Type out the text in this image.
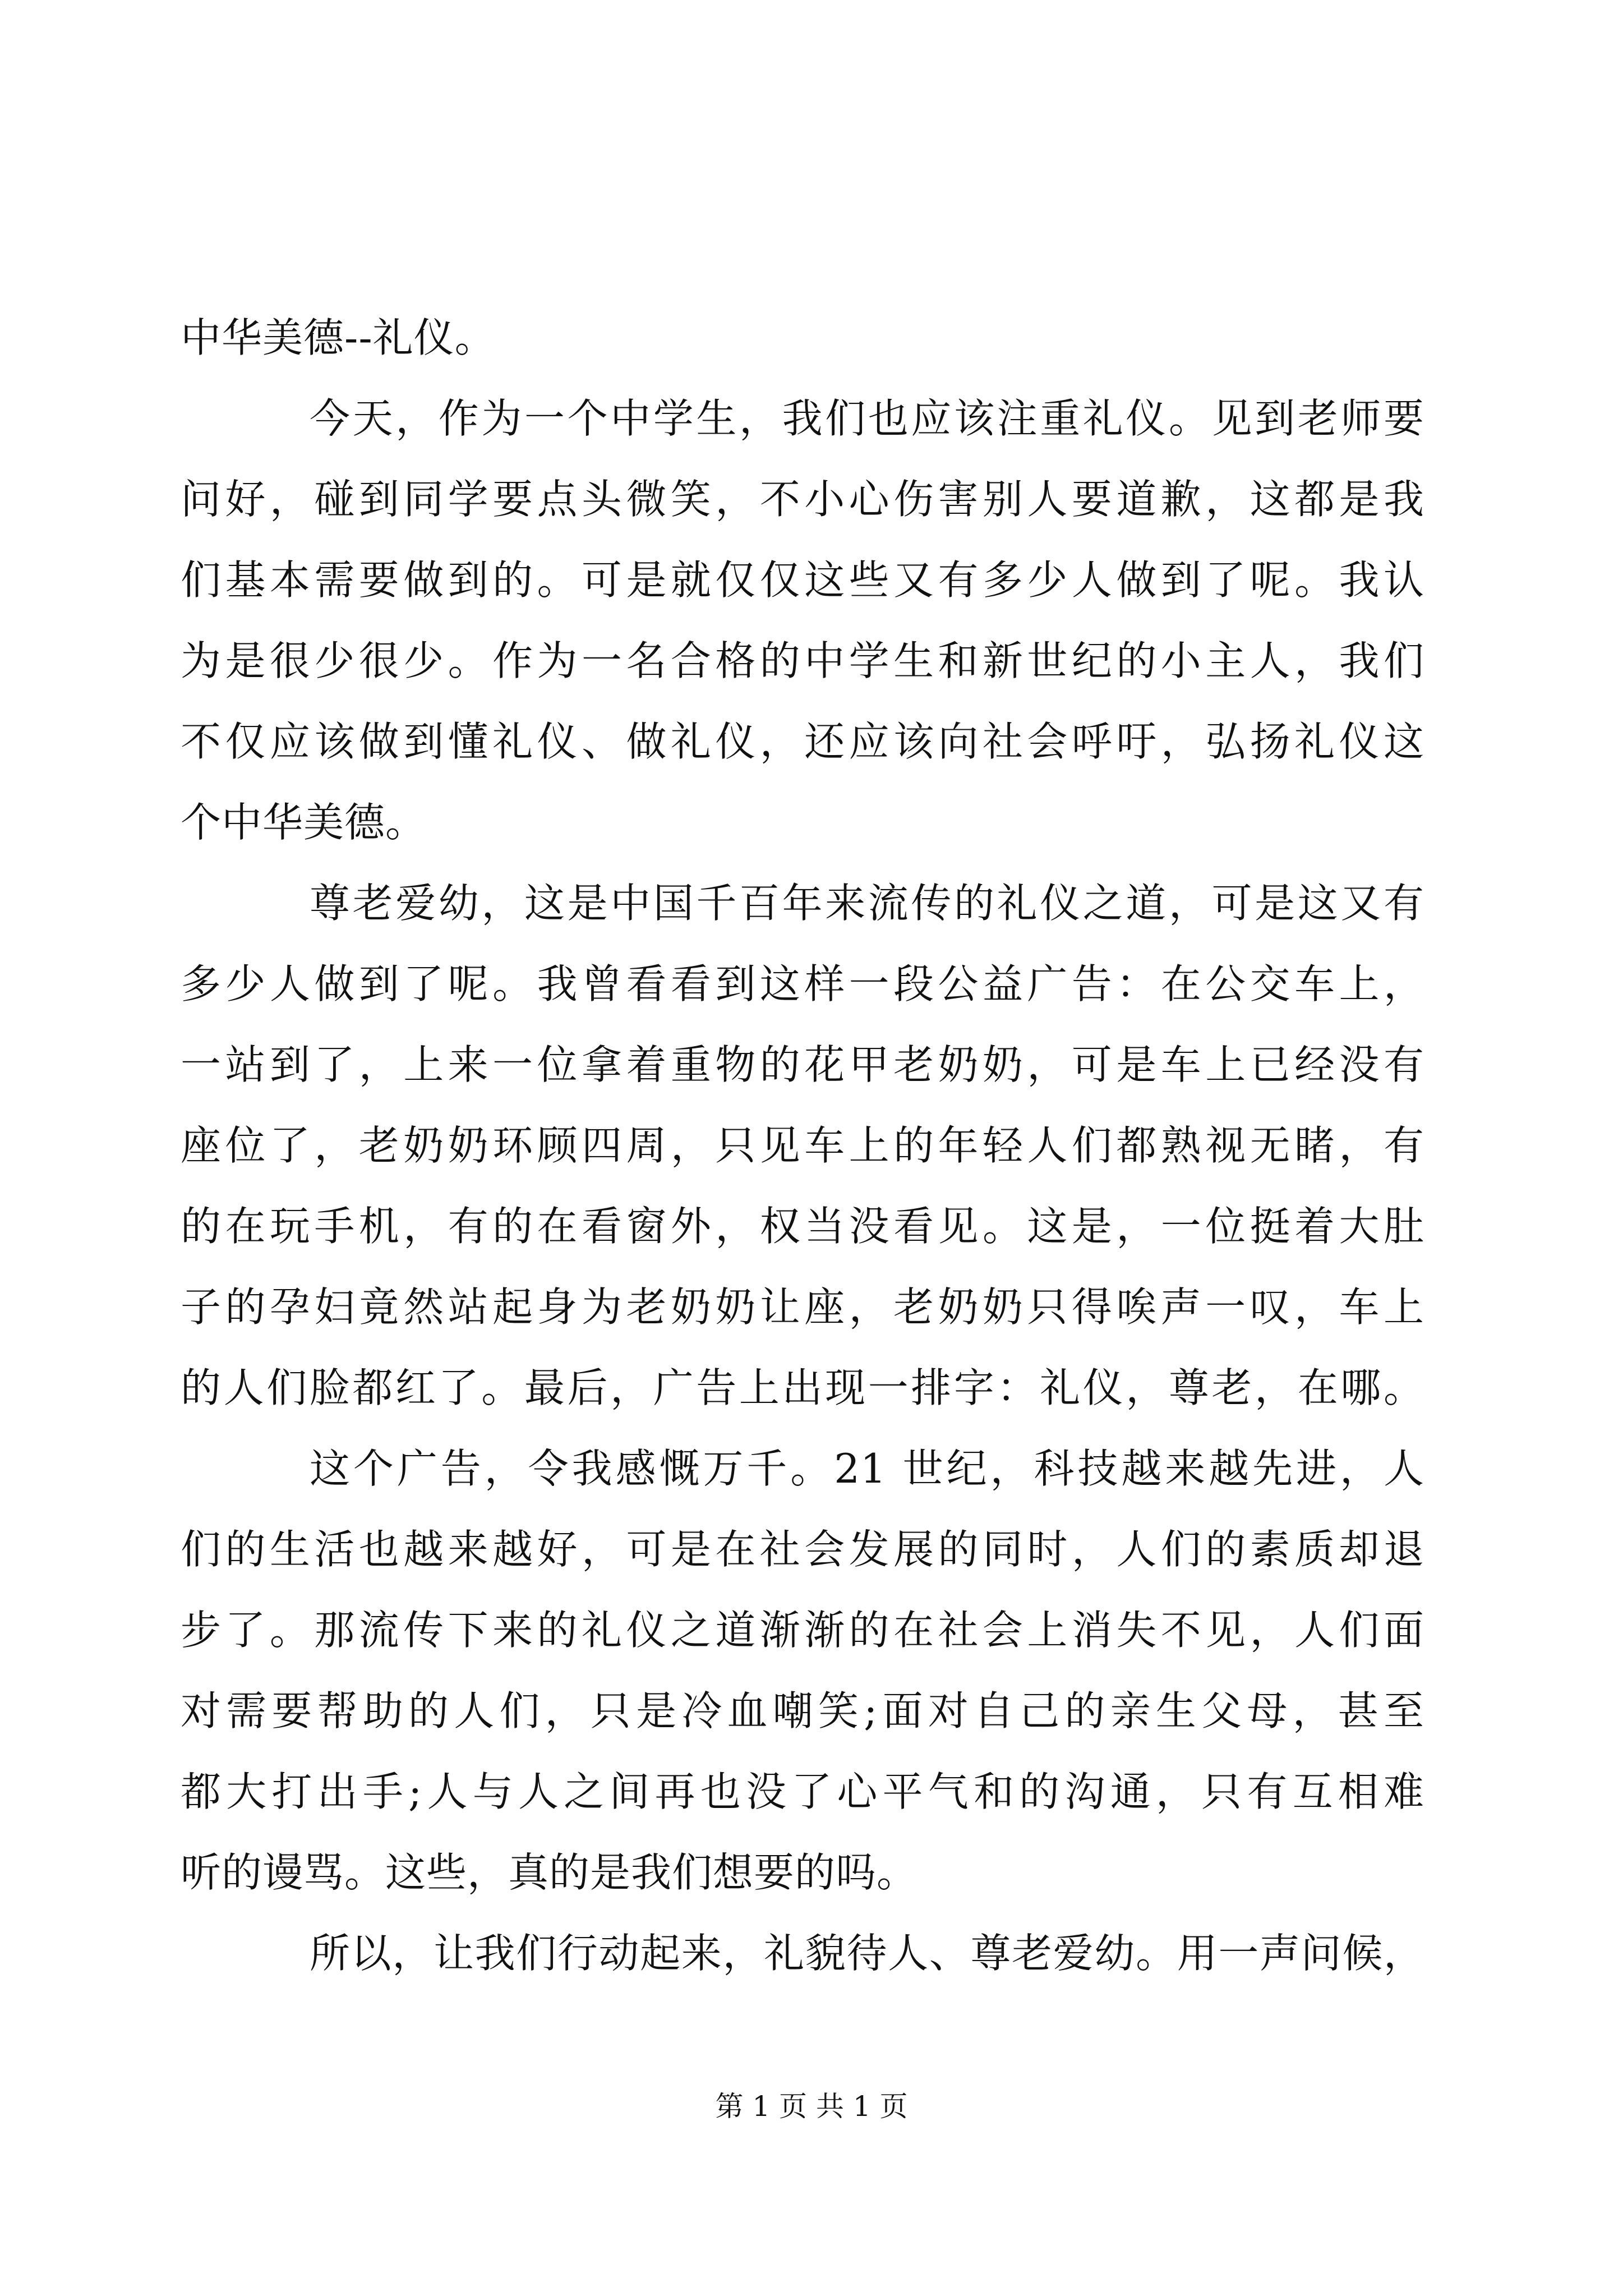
中华美德--礼仪。
今天，作为一个中学生，我们也应该注重礼仪。见到老师要
问好，碰到同学要点头微笑，不小心伤害别人要道歉，这都是我
们基本需要做到的。可是就仅仅这些又有多少人做到了呢。我认
为是很少很少。作为一名合格的中学生和新世纪的小主人，我们
不仅应该做到懂礼仪、做礼仪，还应该向社会呼吁，弘扬礼仪这
个中华美德。
尊老爱幼，这是中国千百年来流传的礼仪之道，可是这又有
多少人做到了呢。我曾看看到这样一段公益广告：在公交车上，
一站到了，上来一位拿着重物的花甲老奶奶，可是车上已经没有
座位了，老奶奶环顾四周，只见车上的年轻人们都熟视无睹，有
的在玩手机，有的在看窗外，权当没看见。这是，一位挺着大肚
子的孕妇竟然站起身为老奶奶让座，老奶奶只得唉声一叹，车上
的人们脸都红了。最后，广告上出现一排字：礼仪，尊老，在哪。
这个广告，令我感慨万千。21 世纪，科技越来越先进，人
们的生活也越来越好，可是在社会发展的同时，人们的素质却退
步了。那流传下来的礼仪之道渐渐的在社会上消失不见，人们面
对需要帮助的人们，只是冷血嘲笑;面对自己的亲生父母，甚至
都大打出手;人与人之间再也没了心平气和的沟通，只有互相难
听的谩骂。这些，真的是我们想要的吗。
所以，让我们行动起来，礼貌待人、尊老爱幼。用一声问候，
第 1 页 共 1 页
